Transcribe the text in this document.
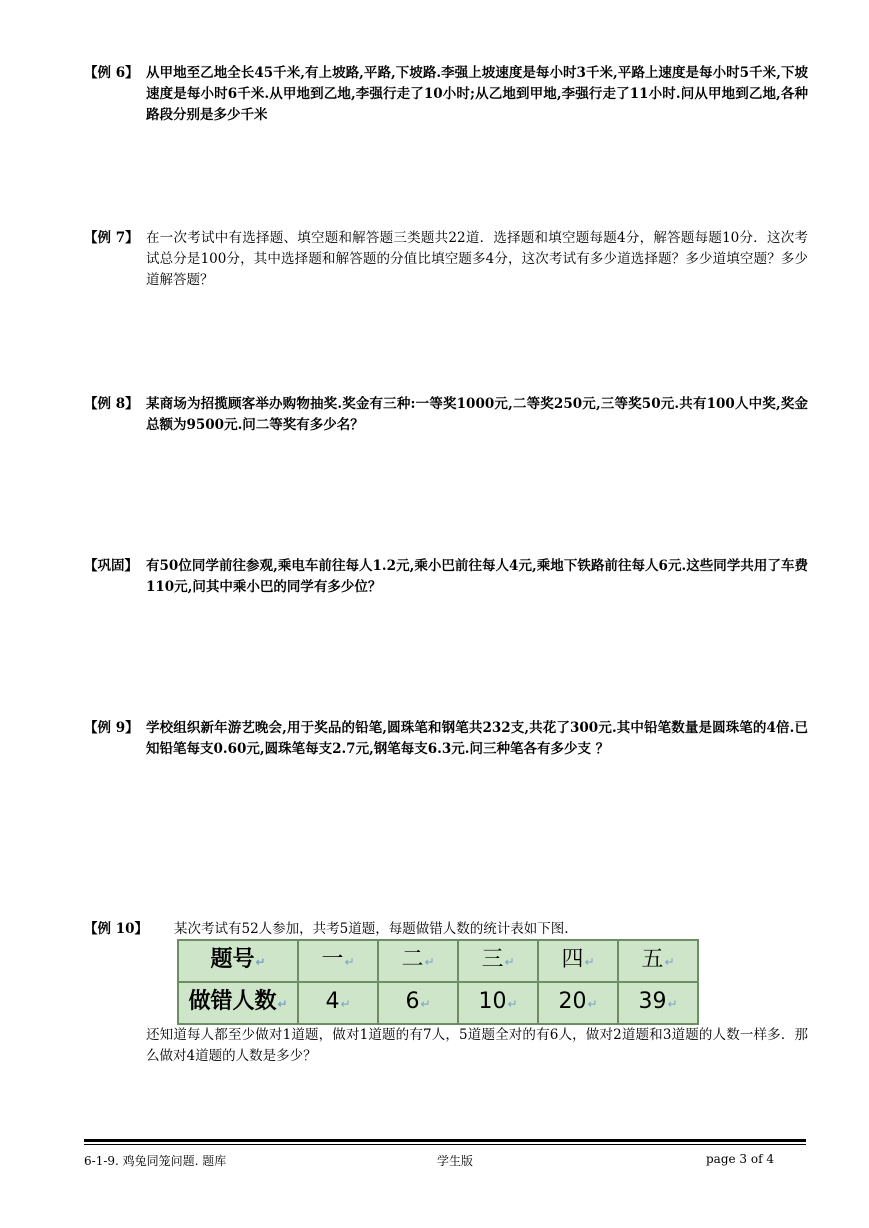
【例 6】 从甲地至乙地全长45千米,有上坡路,平路,下坡路.李强上坡速度是每小时3千米,平路上速度是每小时5千米,下坡速度是每小时6千米.从甲地到乙地,李强行走了10小时;从乙地到甲地,李强行走了11小时.问从甲地到乙地,各种路段分别是多少千米
【例 7】 在一次考试中有选择题、填空题和解答题三类题共22道．选择题和填空题每题4分，解答题每题10分．这次考试总分是100分，其中选择题和解答题的分值比填空题多4分，这次考试有多少道选择题？多少道填空题？多少道解答题？
【例 8】 某商场为招揽顾客举办购物抽奖.奖金有三种:一等奖1000元,二等奖250元,三等奖50元.共有100人中奖,奖金总额为9500元.问二等奖有多少名？
【巩固】 有50位同学前往参观,乘电车前往每人1.2元,乘小巴前往每人4元,乘地下铁路前往每人6元.这些同学共用了车费110元,问其中乘小巴的同学有多少位？
【例 9】 学校组织新年游艺晚会,用于奖品的铅笔,圆珠笔和钢笔共232支,共花了300元.其中铅笔数量是圆珠笔的4倍.已知铅笔每支0.60元,圆珠笔每支2.7元,钢笔每支6.3元.问三种笔各有多少支 ？
【例 10】 某次考试有52人参加，共考5道题，每题做错人数的统计表如下图.
题号↵	一↵	二↵	三↵	四↵	五↵
做错人数↵	4↵	6↵	10↵	20↵	39↵
还知道每人都至少做对1道题，做对1道题的有7人，5道题全对的有6人，做对2道题和3道题的人数一样多．那么做对4道题的人数是多少？
6-1-9. 鸡兔同笼问题. 题库	学生版	page 3 of 4
